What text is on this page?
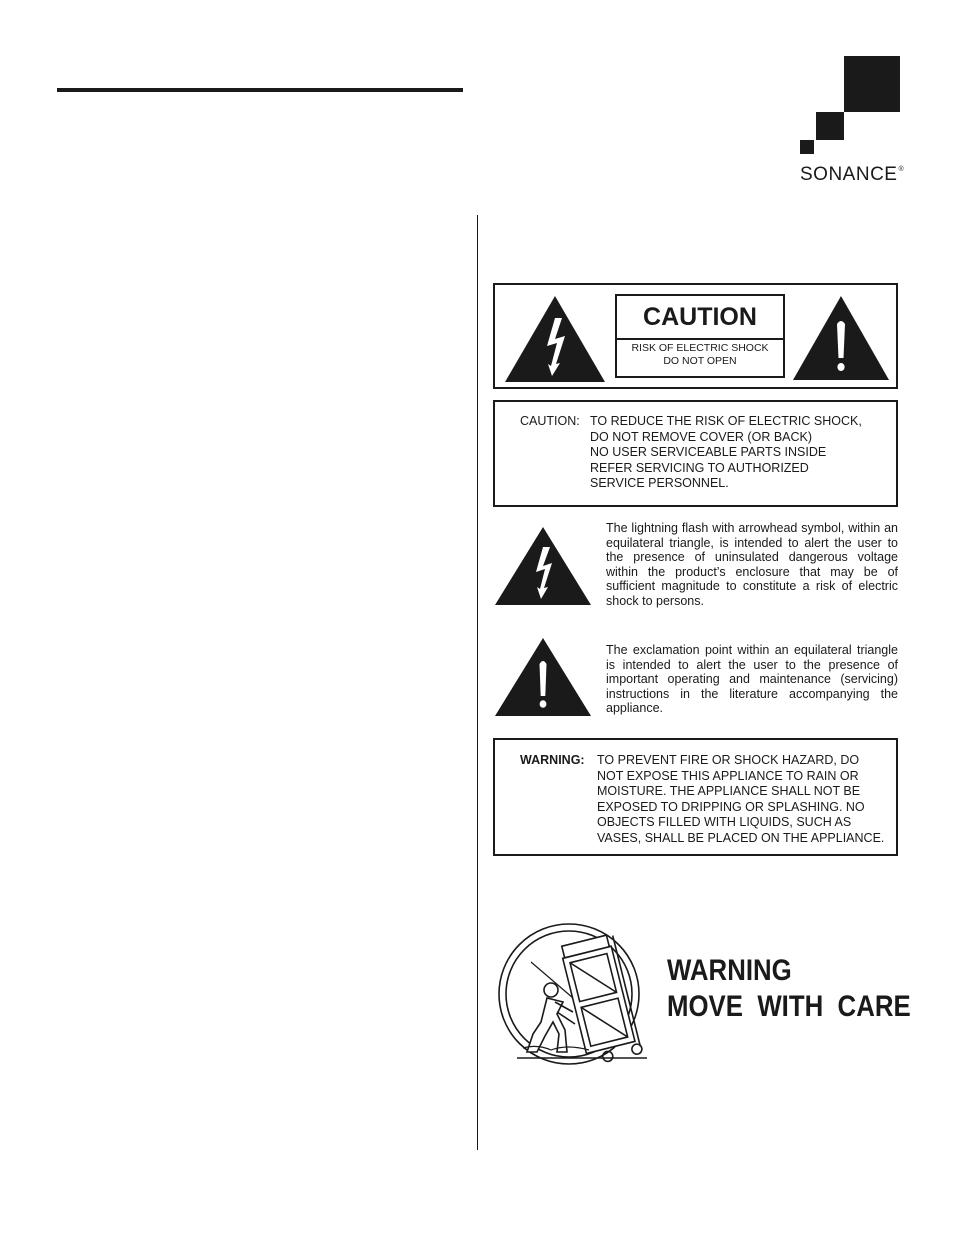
SONANCE®
CAUTION
RISK OF ELECTRIC SHOCK
DO NOT OPEN
CAUTION: TO REDUCE THE RISK OF ELECTRIC SHOCK,
DO NOT REMOVE COVER (OR BACK)
NO USER SERVICEABLE PARTS INSIDE
REFER SERVICING TO AUTHORIZED
SERVICE PERSONNEL.
The lightning flash with arrowhead symbol, within an equilateral triangle, is intended to alert the user to the presence of uninsulated dangerous voltage within the product’s enclosure that may be of sufficient magnitude to constitute a risk of electric shock to persons.
The exclamation point within an equilateral triangle is intended to alert the user to the presence of important operating and maintenance (servicing) instructions in the literature accompanying the appliance.
WARNING: TO PREVENT FIRE OR SHOCK HAZARD, DO
NOT EXPOSE THIS APPLIANCE TO RAIN OR
MOISTURE. THE APPLIANCE SHALL NOT BE
EXPOSED TO DRIPPING OR SPLASHING. NO
OBJECTS FILLED WITH LIQUIDS, SUCH AS
VASES, SHALL BE PLACED ON THE APPLIANCE.
WARNING
MOVE  WITH  CARE
